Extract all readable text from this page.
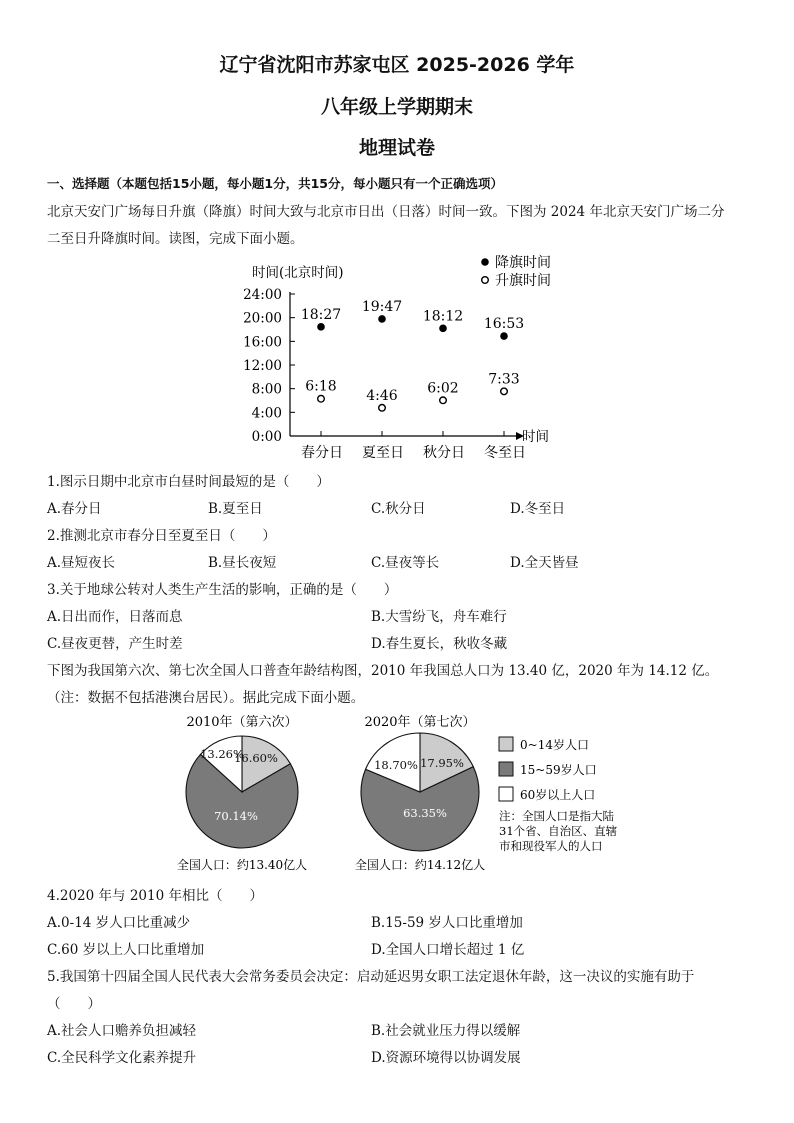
辽宁省沈阳市苏家屯区 2025-2026 学年
八年级上学期期末
地理试卷
一、选择题（本题包括15小题，每小题1分，共15分，每小题只有一个正确选项）
北京天安门广场每日升旗（降旗）时间大致与北京市日出（日落）时间一致。下图为 2024 年北京天安门广场二分
二至日升降旗时间。读图，完成下面小题。
时间(北京时间)
24:00
20:00
16:00
12:00
8:00
4:00
0:00
春分日 夏至日 秋分日 冬至日
18:27 19:47
18:12 16:53
6:18
4:46 6:02
7:33
时间
降旗时间
升旗时间
1.图示日期中北京市白昼时间最短的是（　　）
A.春分日	B.夏至日	C.秋分日	D.冬至日
2.推测北京市春分日至夏至日（　　）
A.昼短夜长	B.昼长夜短	C.昼夜等长	D.全天皆昼
3.关于地球公转对人类生产生活的影响，正确的是（　　）
A.日出而作，日落而息	B.大雪纷飞，舟车难行
C.昼夜更替，产生时差	D.春生夏长，秋收冬藏
下图为我国第六次、第七次全国人口普查年龄结构图，2010 年我国总人口为 13.40 亿，2020 年为 14.12 亿。
（注：数据不包括港澳台居民）。据此完成下面小题。
2010年（第六次）
16.60%
70.14%
13.26%
全国人口：约13.40亿人
2020年（第七次）
17.95%
63.35%
18.70%
全国人口：约14.12亿人
0~14岁人口
15~59岁人口
60岁以上人口
注：全国人口是指大陆
31个省、自治区、直辖
市和现役军人的人口
4.2020 年与 2010 年相比（　　）
A.0-14 岁人口比重减少	B.15-59 岁人口比重增加
C.60 岁以上人口比重增加	D.全国人口增长超过 1 亿
5.我国第十四届全国人民代表大会常务委员会决定：启动延迟男女职工法定退休年龄，这一决议的实施有助于
（　　）
A.社会人口赡养负担减轻	B.社会就业压力得以缓解
C.全民科学文化素养提升	D.资源环境得以协调发展
